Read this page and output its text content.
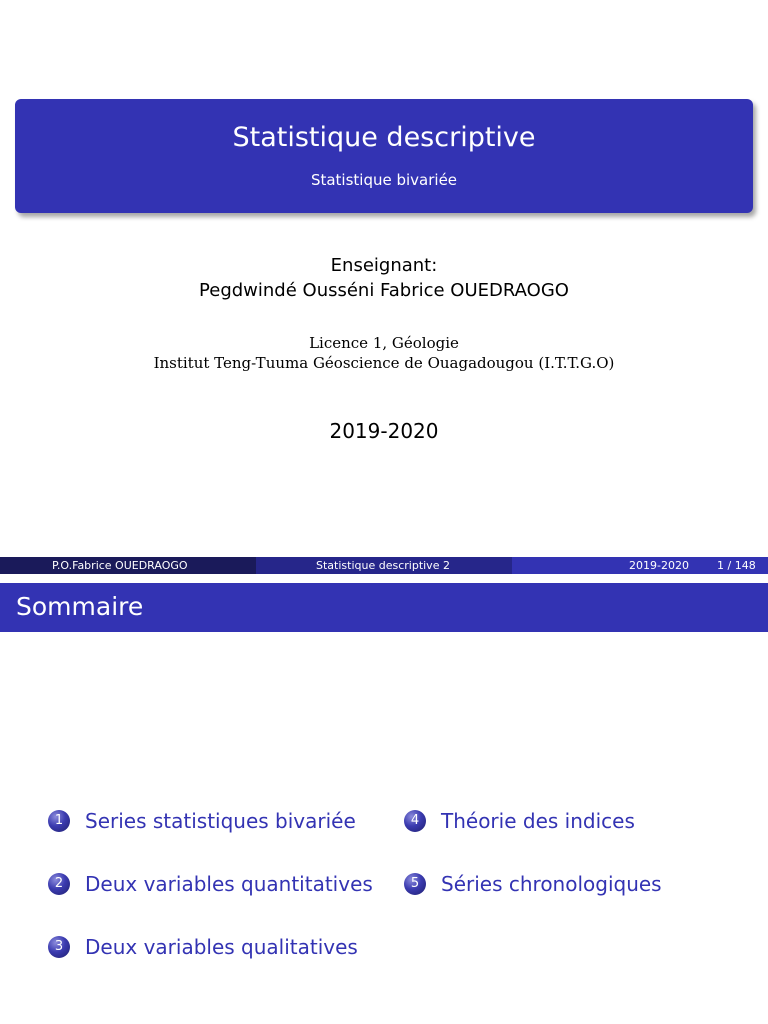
Statistique descriptive
Statistique bivariée
Enseignant:
Pegdwindé Ousséni Fabrice OUEDRAOGO
Licence 1, Géologie
Institut Teng-Tuuma Géoscience de Ouagadougou (I.T.T.G.O)
2019-2020
P.O.Fabrice OUEDRAOGO	Statistique descriptive 2	2019-2020	1 / 148
Sommaire
1	Series statistiques bivariée
2	Deux variables quantitatives
3	Deux variables qualitatives
4	Théorie des indices
5	Séries chronologiques
